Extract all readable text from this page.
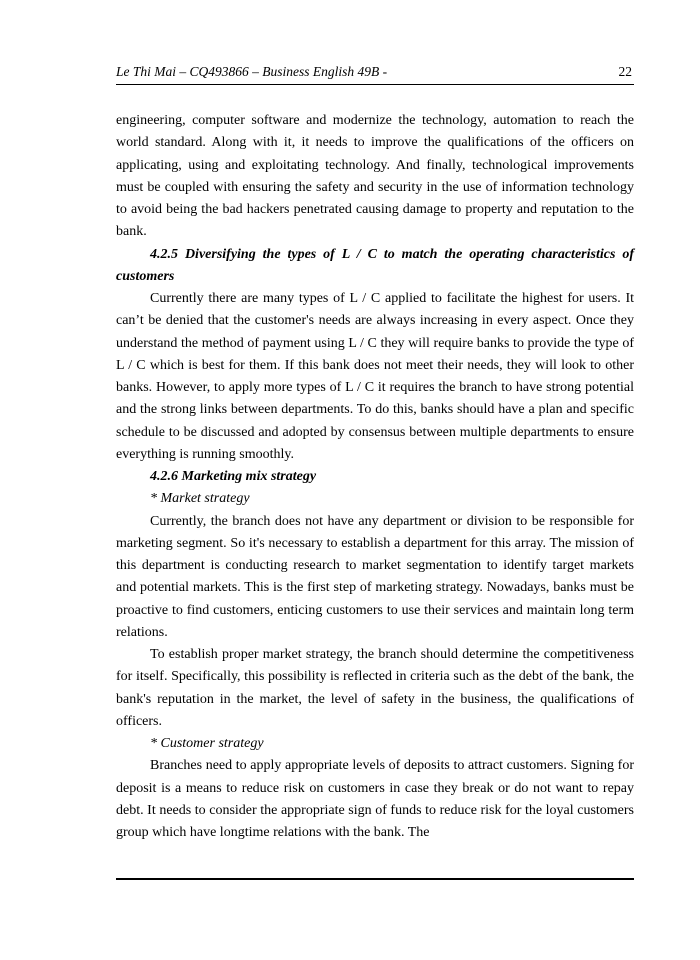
Le Thi Mai – CQ493866 – Business English 49B -	22

engineering, computer software and modernize the technology, automation to reach the world standard. Along with it, it needs to improve the qualifications of the officers on applicating, using and exploitating technology. And finally, technological improvements must be coupled with ensuring the safety and security in the use of information technology to avoid being the bad hackers penetrated causing damage to property and reputation to the bank.

4.2.5 Diversifying the types of L / C to match the operating characteristics of customers

Currently there are many types of L / C applied to facilitate the highest for users. It can’t be denied that the customer's needs are always increasing in every aspect. Once they understand the method of payment using L / C they will require banks to provide the type of L / C which is best for them. If this bank does not meet their needs, they will look to other banks. However, to apply more types of L / C it requires the branch to have strong potential and the strong links between departments. To do this, banks should have a plan and specific schedule to be discussed and adopted by consensus between multiple departments to ensure everything is running smoothly.

4.2.6 Marketing mix strategy

* Market strategy

Currently, the branch does not have any department or division to be responsible for marketing segment. So it's necessary to establish a department for this array. The mission of this department is conducting research to market segmentation to identify target markets and potential markets. This is the first step of marketing strategy. Nowadays, banks must be proactive to find customers, enticing customers to use their services and maintain long term relations.

To establish proper market strategy, the branch should determine the competitiveness for itself. Specifically, this possibility is reflected in criteria such as the debt of the bank, the bank's reputation in the market, the level of safety in the business, the qualifications of officers.

* Customer strategy

Branches need to apply appropriate levels of deposits to attract customers. Signing for deposit is a means to reduce risk on customers in case they break or do not want to repay debt. It needs to consider the appropriate sign of funds to reduce risk for the loyal customers group which have longtime relations with the bank. The
